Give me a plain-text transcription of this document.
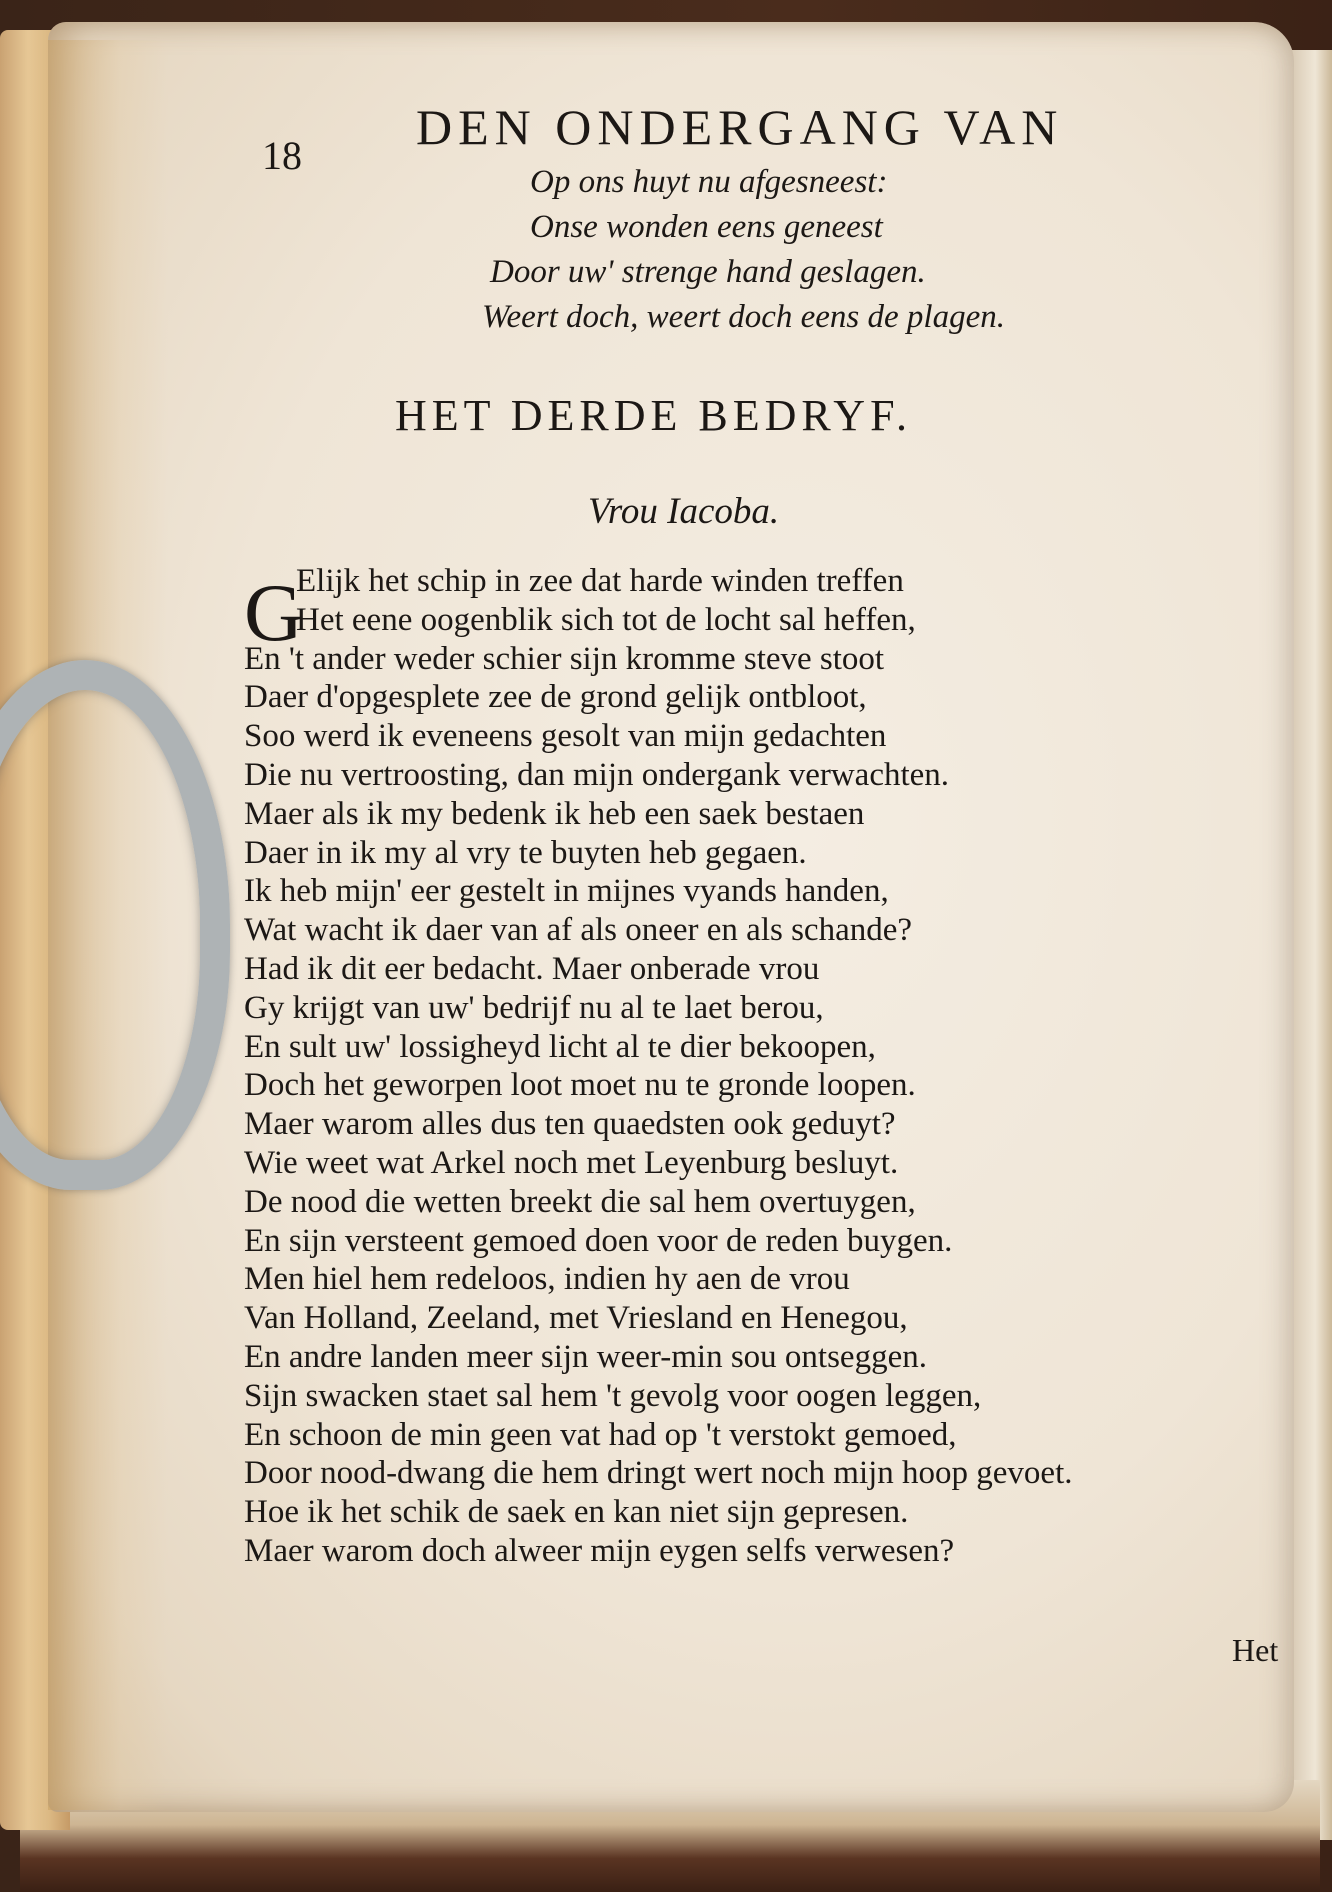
18
DEN ONDERGANG VAN
Op ons huyt nu afgesneest:
Onse wonden eens geneest
Door uw' strenge hand geslagen.
Weert doch, weert doch eens de plagen.
HET DERDE BEDRYF.
Vrou Iacoba.
G
Elijk het schip in zee dat harde winden treffen
Het eene oogenblik sich tot de locht sal heffen,
En 't ander weder schier sijn kromme steve stoot
Daer d'opgesplete zee de grond gelijk ontbloot,
Soo werd ik eveneens gesolt van mijn gedachten
Die nu vertroosting, dan mijn ondergank verwachten.
Maer als ik my bedenk ik heb een saek bestaen
Daer in ik my al vry te buyten heb gegaen.
Ik heb mijn' eer gestelt in mijnes vyands handen,
Wat wacht ik daer van af als oneer en als schande?
Had ik dit eer bedacht. Maer onberade vrou
Gy krijgt van uw' bedrijf nu al te laet berou,
En sult uw' lossigheyd licht al te dier bekoopen,
Doch het geworpen loot moet nu te gronde loopen.
Maer warom alles dus ten quaedsten ook geduyt?
Wie weet wat Arkel noch met Leyenburg besluyt.
De nood die wetten breekt die sal hem overtuygen,
En sijn versteent gemoed doen voor de reden buygen.
Men hiel hem redeloos, indien hy aen de vrou
Van Holland, Zeeland, met Vriesland en Henegou,
En andre landen meer sijn weer-min sou ontseggen.
Sijn swacken staet sal hem 't gevolg voor oogen leggen,
En schoon de min geen vat had op 't verstokt gemoed,
Door nood-dwang die hem dringt wert noch mijn hoop gevoet.
Hoe ik het schik de saek en kan niet sijn gepresen.
Maer warom doch alweer mijn eygen selfs verwesen?
Het
